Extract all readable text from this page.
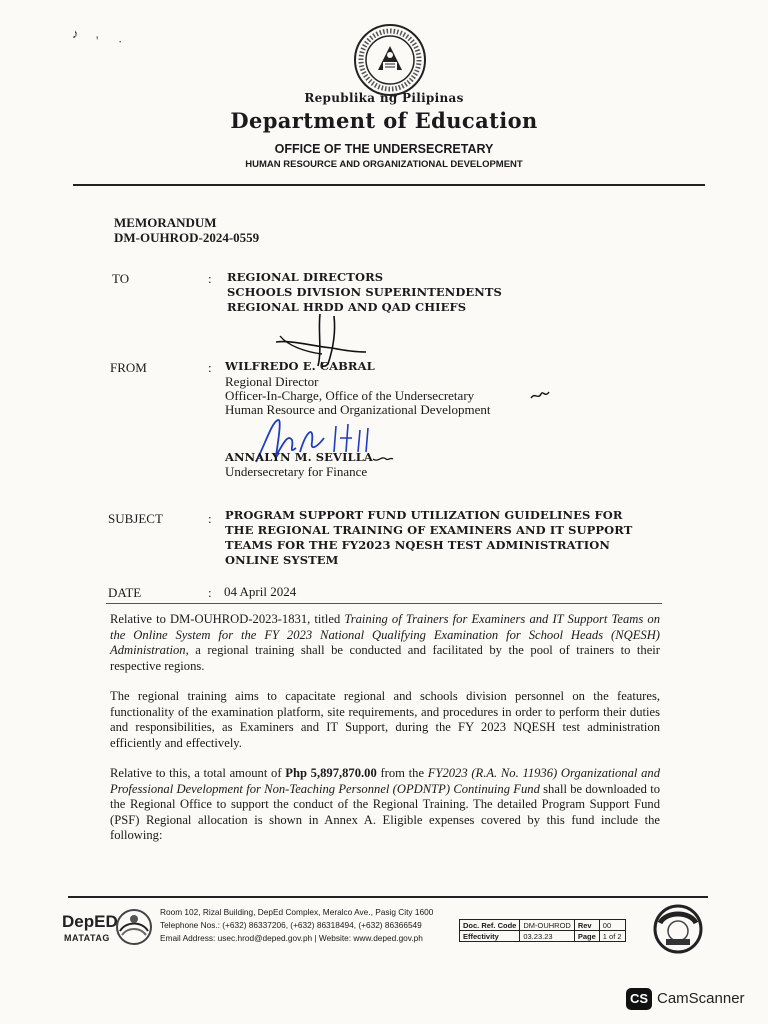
♪ ' ·
Republika ng Pilipinas
Department of Education
OFFICE OF THE UNDERSECRETARY
HUMAN RESOURCE AND ORGANIZATIONAL DEVELOPMENT
MEMORANDUM
DM-OUHROD-2024-0559
TO	: REGIONAL DIRECTORS
SCHOOLS DIVISION SUPERINTENDENTS
REGIONAL HRDD AND QAD CHIEFS
FROM	: WILFREDO E. CABRAL
Regional Director
Officer-In-Charge, Office of the Undersecretary
Human Resource and Organizational Development
ANNALYN M. SEVILLA
Undersecretary for Finance
SUBJECT	: PROGRAM SUPPORT FUND UTILIZATION GUIDELINES FOR
THE REGIONAL TRAINING OF EXAMINERS AND IT SUPPORT
TEAMS FOR THE FY2023 NQESH TEST ADMINISTRATION
ONLINE SYSTEM
DATE	: 04 April 2024
Relative to DM-OUHROD-2023-1831, titled Training of Trainers for Examiners and IT Support Teams on the Online System for the FY 2023 National Qualifying Examination for School Heads (NQESH) Administration, a regional training shall be conducted and facilitated by the pool of trainers to their respective regions.
The regional training aims to capacitate regional and schools division personnel on the features, functionality of the examination platform, site requirements, and procedures in order to perform their duties and responsibilities, as Examiners and IT Support, during the FY 2023 NQESH test administration efficiently and effectively.
Relative to this, a total amount of Php 5,897,870.00 from the FY2023 (R.A. No. 11936) Organizational and Professional Development for Non-Teaching Personnel (OPDNTP) Continuing Fund shall be downloaded to the Regional Office to support the conduct of the Regional Training. The detailed Program Support Fund (PSF) Regional allocation is shown in Annex A. Eligible expenses covered by this fund include the following:
DepED
MATATAG
Room 102, Rizal Building, DepEd Complex, Meralco Ave., Pasig City 1600
Telephone Nos.: (+632) 86337206, (+632) 86318494, (+632) 86366549
Email Address: usec.hrod@deped.gov.ph | Website: www.deped.gov.ph
Doc. Ref. Code	DM-OUHROD	Rev	00
Effectivity	03.23.23	Page	1 of 2
CS CamScanner
